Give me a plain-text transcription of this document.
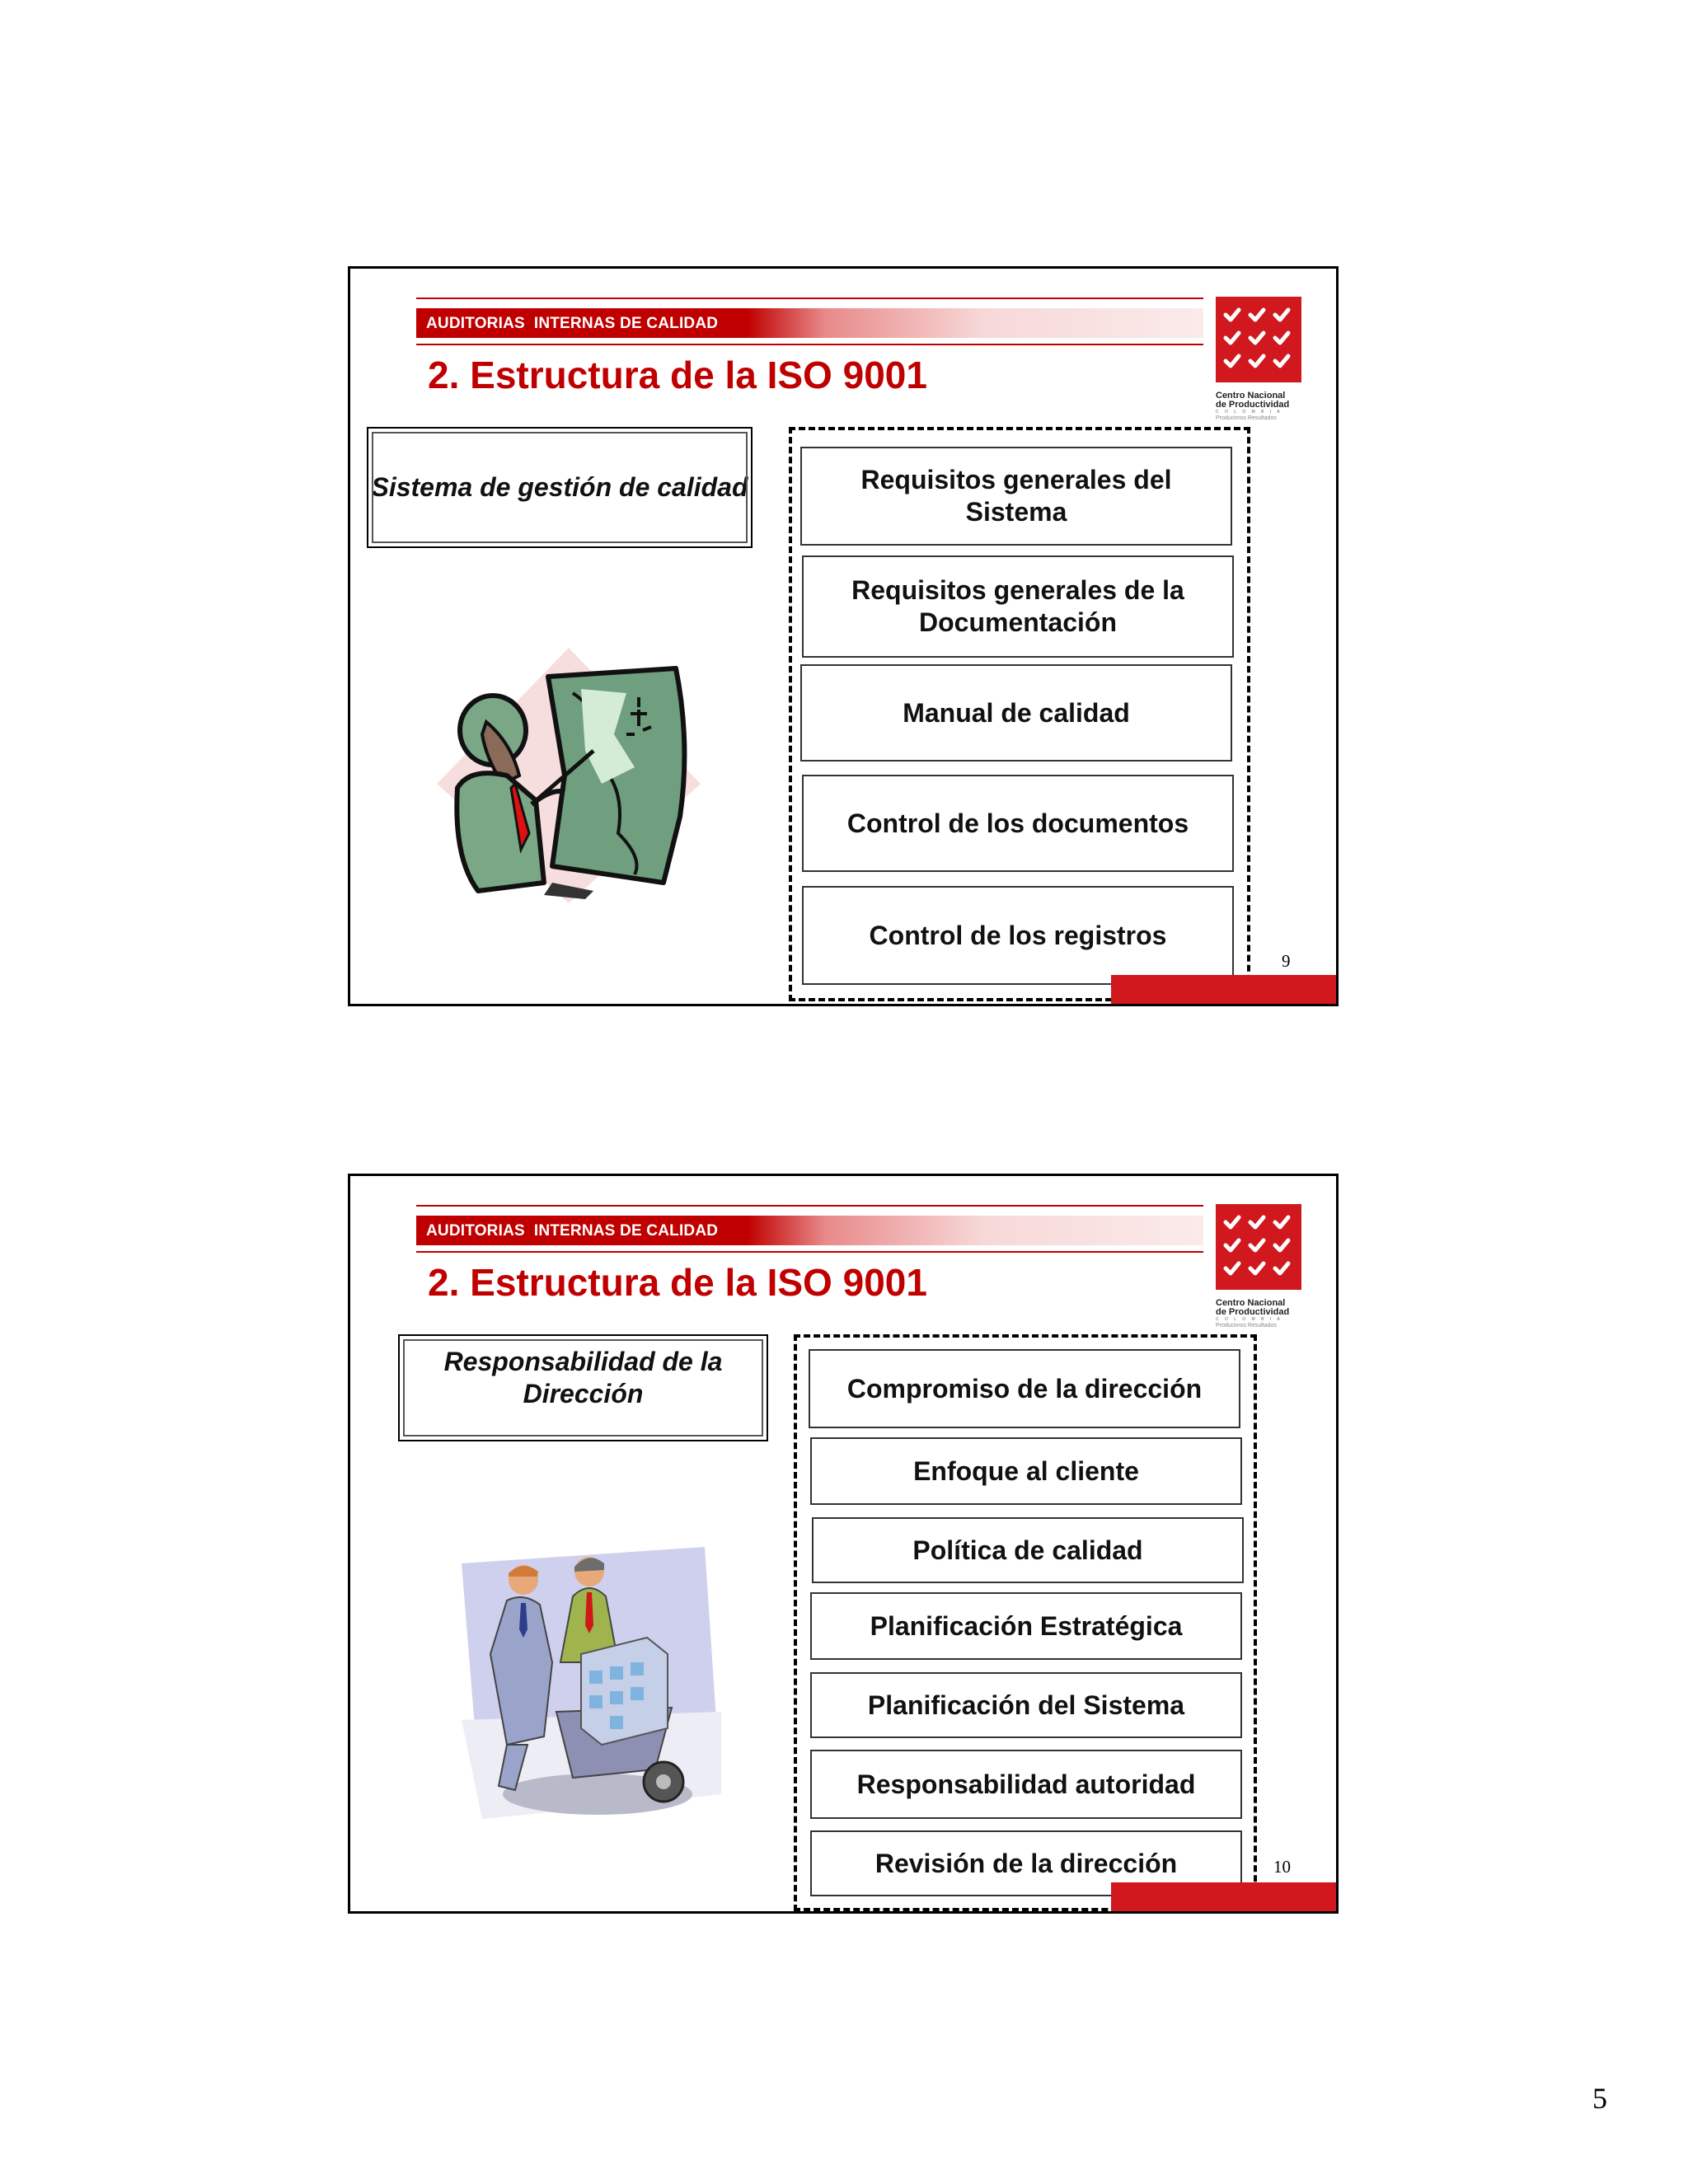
AUDITORIAS  INTERNAS DE CALIDAD
2. Estructura de la ISO 9001	Centro Nacional
de Productividad
C O L O M B I A
Producimos Resultados
Sistema de gestión de calidad	Requisitos generales del Sistema
Requisitos generales de la Documentación
Manual de calidad
Control de los documentos
Control de los registros
9
AUDITORIAS  INTERNAS DE CALIDAD
2. Estructura de la ISO 9001	Centro Nacional
de Productividad
C O L O M B I A
Producimos Resultados
Responsabilidad de la Dirección	Compromiso de la dirección
Enfoque al cliente
Política de calidad
Planificación Estratégica
Planificación del Sistema
Responsabilidad autoridad
Revisión de la dirección	10
5
